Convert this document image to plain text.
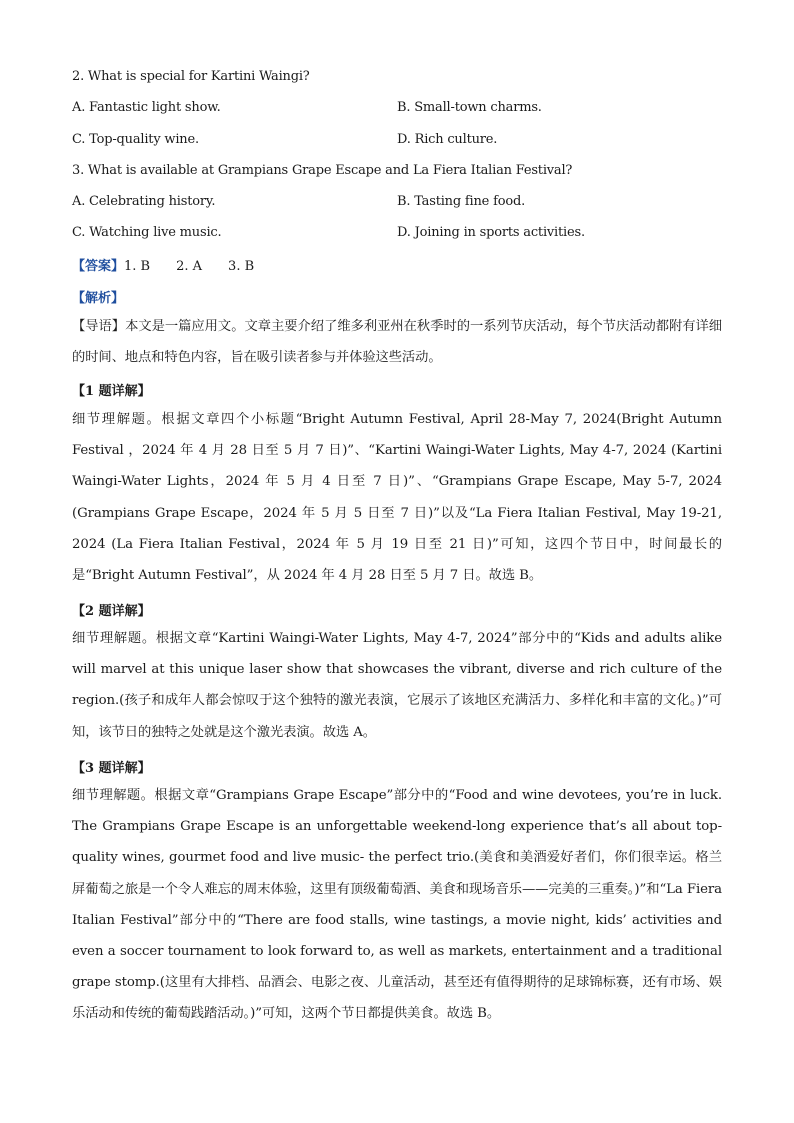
2. What is special for Kartini Waingi?
A. Fantastic light show.	B. Small-town charms.
C. Top-quality wine.	D. Rich culture.
3. What is available at Grampians Grape Escape and La Fiera Italian Festival?
A. Celebrating history.	B. Tasting fine food.
C. Watching live music.	D. Joining in sports activities.
【答案】1. B 2. A 3. B
【解析】
【导语】本文是一篇应用文。文章主要介绍了维多利亚州在秋季时的一系列节庆活动，每个节庆活动都附有详细的时间、地点和特色内容，旨在吸引读者参与并体验这些活动。
【1 题详解】
细节理解题。根据文章四个小标题“Bright Autumn Festival, April 28-May 7, 2024(Bright Autumn Festival ，2024 年 4 月 28 日至 5 月 7 日)”、“Kartini Waingi-Water Lights, May 4-7, 2024 (Kartini Waingi-Water Lights，2024 年 5 月 4 日至 7 日)”、“Grampians Grape Escape, May 5-7, 2024 (Grampians Grape Escape，2024 年 5 月 5 日至 7 日)”以及“La Fiera Italian Festival, May 19-21, 2024 (La Fiera Italian Festival，2024 年 5 月 19 日至 21 日)”可知，这四个节日中，时间最长的是“Bright Autumn Festival”，从 2024 年 4 月 28 日至 5 月 7 日。故选 B。
【2 题详解】
细节理解题。根据文章“Kartini Waingi-Water Lights, May 4-7, 2024”部分中的“Kids and adults alike will marvel at this unique laser show that showcases the vibrant, diverse and rich culture of the region.(孩子和成年人都会惊叹于这个独特的激光表演，它展示了该地区充满活力、多样化和丰富的文化。)”可知，该节日的独特之处就是这个激光表演。故选 A。
【3 题详解】
细节理解题。根据文章“Grampians Grape Escape”部分中的“Food and wine devotees, you’re in luck. The Grampians Grape Escape is an unforgettable weekend-long experience that’s all about top-quality wines, gourmet food and live music- the perfect trio.(美食和美酒爱好者们，你们很幸运。格兰屏葡萄之旅是一个令人难忘的周末体验，这里有顶级葡萄酒、美食和现场音乐——完美的三重奏。)”和“La Fiera Italian Festival”部分中的“There are food stalls, wine tastings, a movie night, kids’ activities and even a soccer tournament to look forward to, as well as markets, entertainment and a traditional grape stomp.(这里有大排档、品酒会、电影之夜、儿童活动，甚至还有值得期待的足球锦标赛，还有市场、娱乐活动和传统的葡萄践踏活动。)”可知，这两个节日都提供美食。故选 B。
